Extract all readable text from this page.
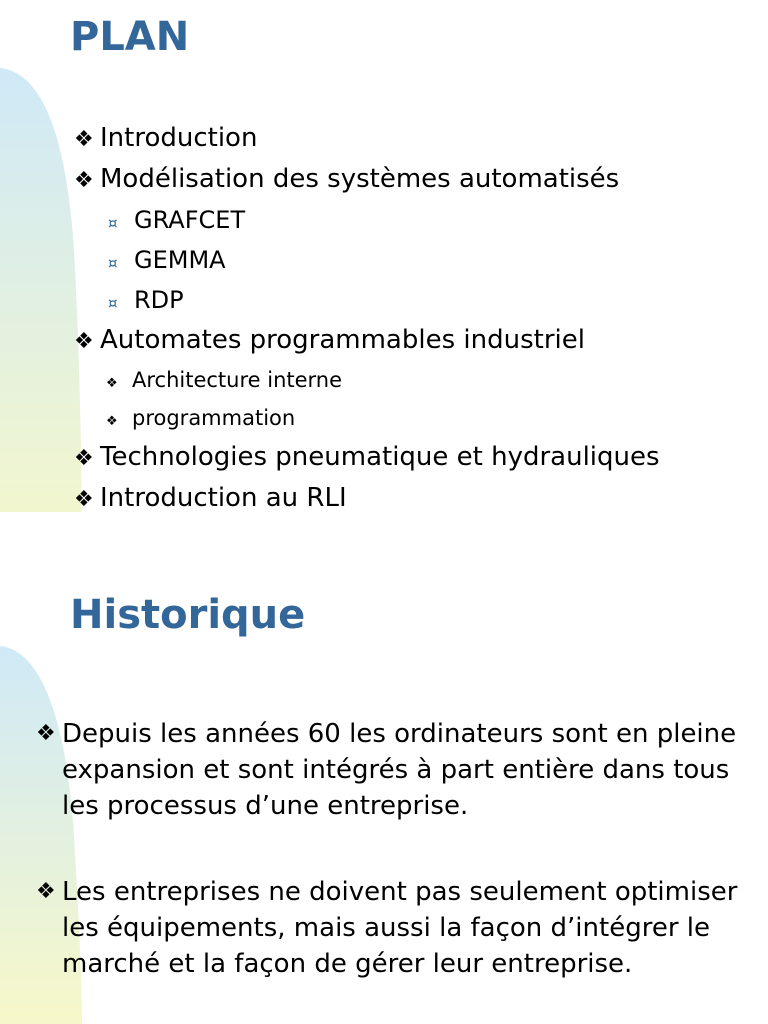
PLAN
❖ Introduction
❖ Modélisation des systèmes automatisés
¤ GRAFCET
¤ GEMMA
¤ RDP
❖ Automates programmables industriel
❖ Architecture interne
❖ programmation
❖ Technologies pneumatique et hydrauliques
❖ Introduction au RLI
Historique
❖ Depuis les années 60 les ordinateurs sont en pleine expansion et sont intégrés à part entière dans tous les processus d’une entreprise.
❖ Les entreprises ne doivent pas seulement optimiser les équipements, mais aussi la façon d’intégrer le marché et la façon de gérer leur entreprise.
